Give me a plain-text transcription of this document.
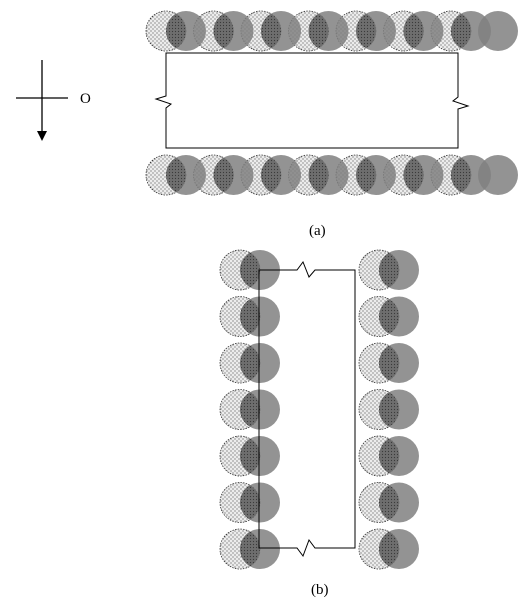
O
(a)
(b)
